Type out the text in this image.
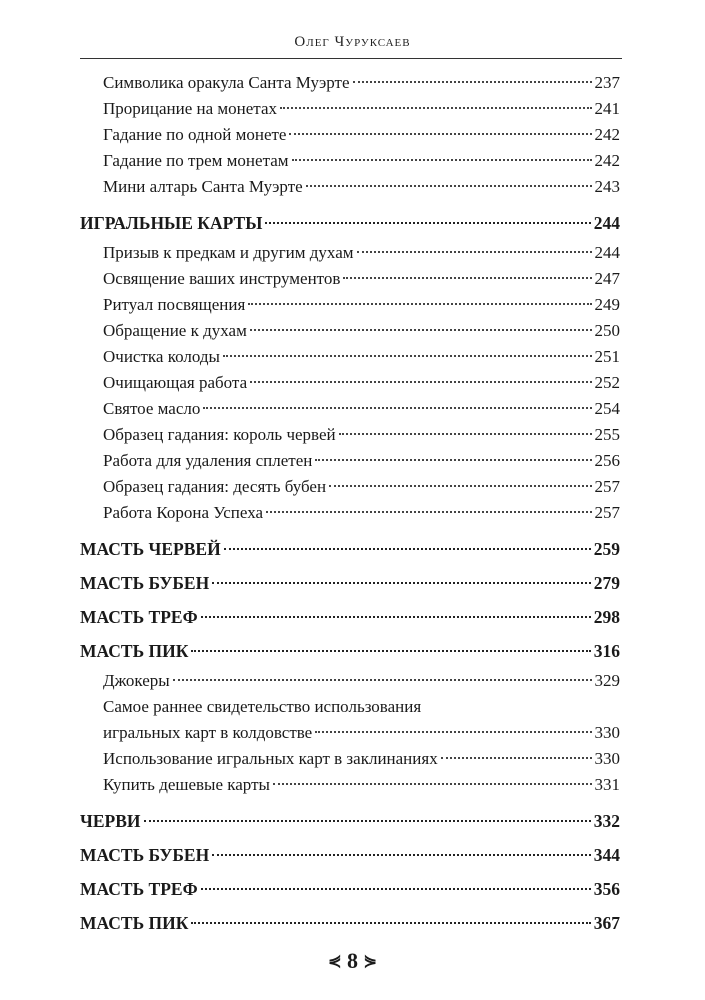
Олег Чуруксаев
Символика оракула Санта Муэрте	237
Прорицание на монетах	241
Гадание по одной монете	242
Гадание по трем монетам	242
Мини алтарь Санта Муэрте	243
ИГРАЛЬНЫЕ КАРТЫ	244
Призыв к предкам и другим духам	244
Освящение ваших инструментов	247
Ритуал посвящения	249
Обращение к духам	250
Очистка колоды	251
Очищающая работа	252
Святое масло	254
Образец гадания: король червей	255
Работа для удаления сплетен	256
Образец гадания: десять бубен	257
Работа Корона Успеха	257
МАСТЬ ЧЕРВЕЙ	259
МАСТЬ БУБЕН	279
МАСТЬ ТРЕФ	298
МАСТЬ ПИК	316
Джокеры	329
Самое раннее свидетельство использования
игральных карт в колдовстве	330
Использование игральных карт в заклинаниях	330
Купить дешевые карты	331
ЧЕРВИ	332
МАСТЬ БУБЕН	344
МАСТЬ ТРЕФ	356
МАСТЬ ПИК	367
⋞ 8 ⋟
